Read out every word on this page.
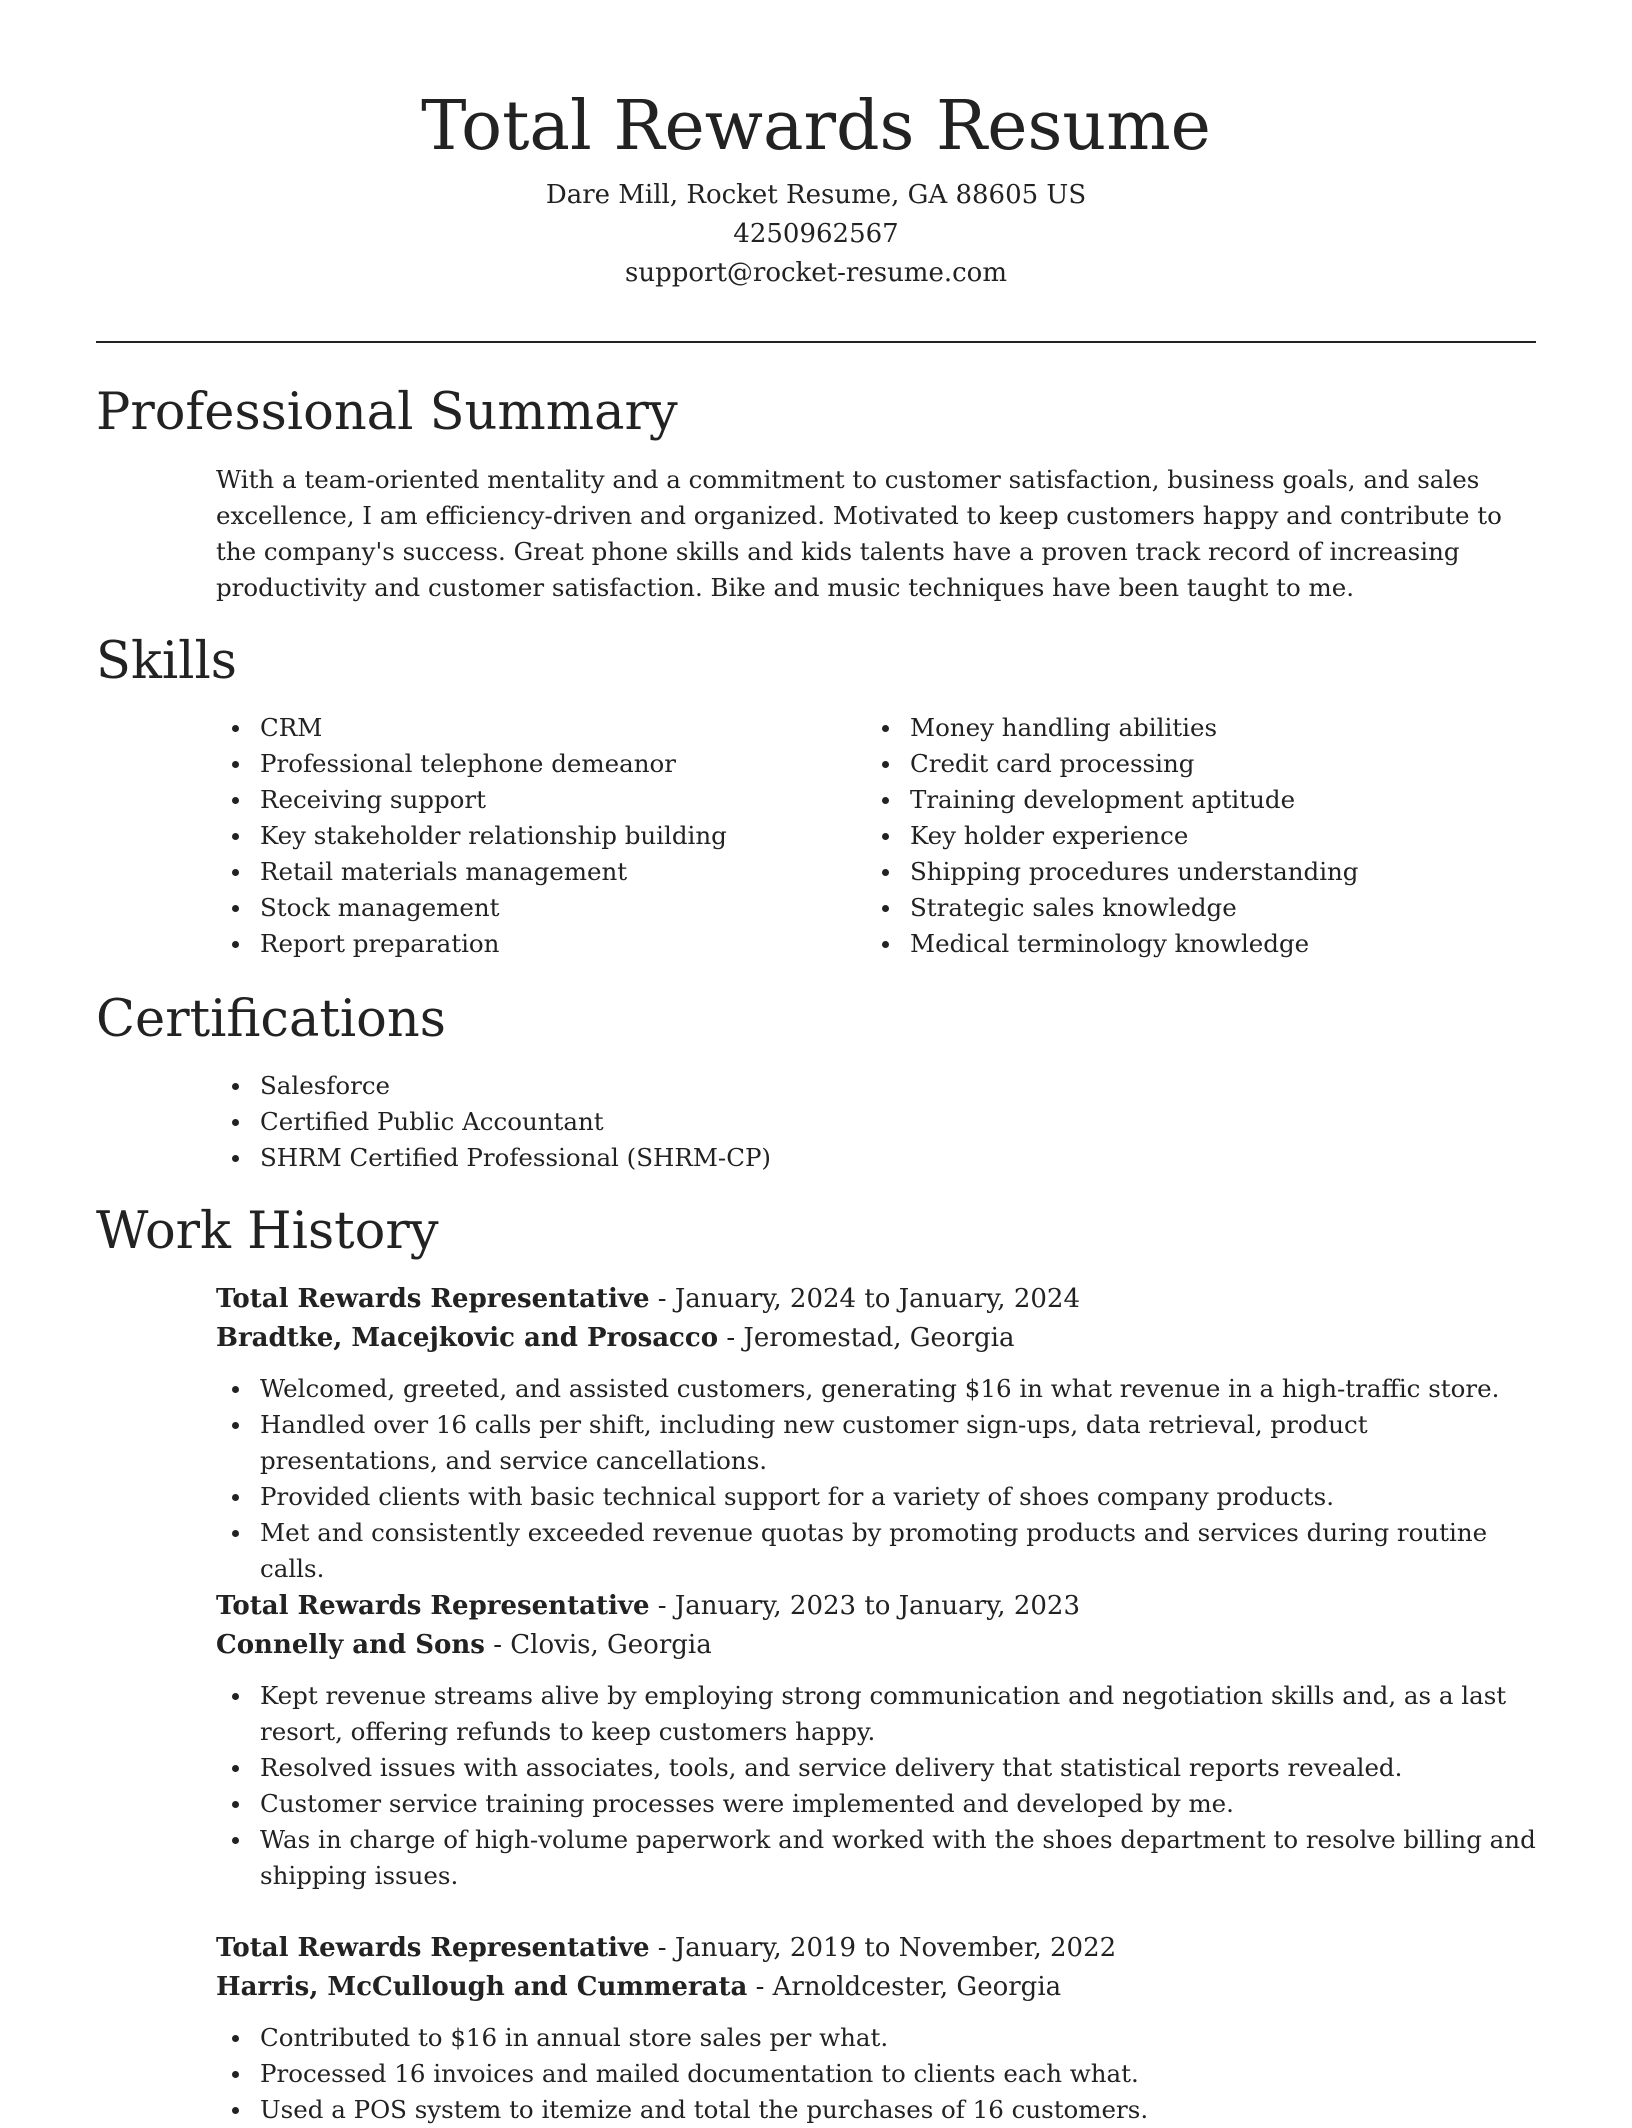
Total Rewards Resume
Dare Mill, Rocket Resume, GA 88605 US
4250962567
support@rocket-resume.com
Professional Summary

With a team-oriented mentality and a commitment to customer satisfaction, business goals, and sales excellence, I am efficiency-driven and organized. Motivated to keep customers happy and contribute to the company's success. Great phone skills and kids talents have a proven track record of increasing productivity and customer satisfaction. Bike and music techniques have been taught to me.

Skills
CRM
Professional telephone demeanor
Receiving support
Key stakeholder relationship building
Retail materials management
Stock management
Report preparation
Money handling abilities
Credit card processing
Training development aptitude
Key holder experience
Shipping procedures understanding
Strategic sales knowledge
Medical terminology knowledge
Certifications
Salesforce
Certified Public Accountant
SHRM Certified Professional (SHRM-CP)
Work History
Total Rewards Representative - January, 2024 to January, 2024
Bradtke, Macejkovic and Prosacco - Jeromestad, Georgia
Welcomed, greeted, and assisted customers, generating $16 in what revenue in a high-traffic store.
Handled over 16 calls per shift, including new customer sign-ups, data retrieval, product presentations, and service cancellations.
Provided clients with basic technical support for a variety of shoes company products.
Met and consistently exceeded revenue quotas by promoting products and services during routine calls.
Total Rewards Representative - January, 2023 to January, 2023
Connelly and Sons - Clovis, Georgia
Kept revenue streams alive by employing strong communication and negotiation skills and, as a last resort, offering refunds to keep customers happy.
Resolved issues with associates, tools, and service delivery that statistical reports revealed.
Customer service training processes were implemented and developed by me.
Was in charge of high-volume paperwork and worked with the shoes department to resolve billing and shipping issues.
Total Rewards Representative - January, 2019 to November, 2022
Harris, McCullough and Cummerata - Arnoldcester, Georgia
Contributed to $16 in annual store sales per what.
Processed 16 invoices and mailed documentation to clients each what.
Used a POS system to itemize and total the purchases of 16 customers.
